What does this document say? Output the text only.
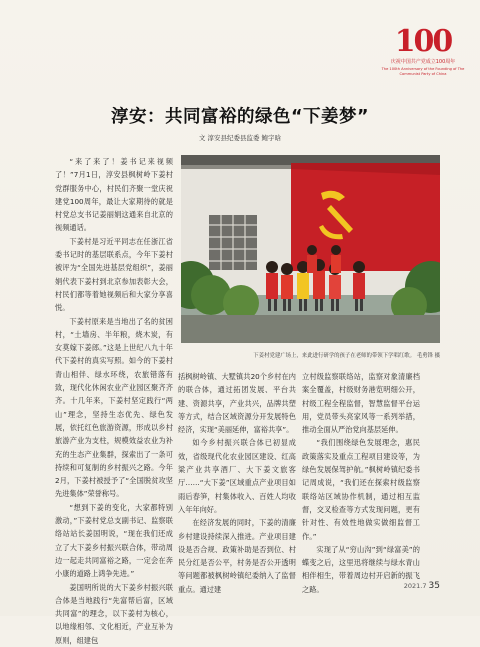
100
庆祝中国共产党成立100周年
The 100th Anniversary of the Founding of The Communist Party of China
淳安：共同富裕的绿色“下姜梦”
文 淳安县纪委县监委 鲍宇晗

“来了来了！姜书记来视频了！”7月1日，淳安县枫树岭下姜村党群服务中心，村民们齐聚一堂庆祝建党100周年，最让大家期待的就是村党总支书记姜丽娟这通来自北京的视频通话。

下姜村是习近平同志在任浙江省委书记时的基层联系点，今年下姜村被评为“全国先进基层党组织”，姜丽娟代表下姜村到北京参加表彰大会，村民们都等着她视频后和大家分享喜悦。

下姜村原来是当地出了名的贫困村，“土墙房、半年粮，烧木炭，有女莫嫁下姜郎。”这是上世纪八九十年代下姜村的真实写照。如今的下姜村青山相伴、绿水环绕，农旅错落有致，现代化休闲农业产业园区聚齐齐齐。十几年来，下姜村坚定践行“两山”理念，坚持生态优先、绿色发展，依托红色旅游资源，形成以乡村旅游产业为支柱，规模效益农业为补充的生态产业集群，探索出了一条可持续和可复制的乡村振兴之路。今年2月，下姜村被授予了“全国脱贫攻坚先进集体”荣誉称号。

“想到下姜的变化，大家都特别激动，”下姜村党总支副书记、监察联络站站长姜国明说，“现在我们还成立了大下姜乡村振兴联合体，带动周边一起走共同富裕之路，一定会在奔小康的道路上鸿争先进。”

姜国明所说的大下姜乡村振兴联合体是当地践行“先富帮后富，区域共同富”的理念，以下姜村为核心，以地缘相邻、文化相近，产业互补为原则，组建包

下姜村党建广场上，来此进行研学的孩子在老师的带领下学唱红歌。 毛勇锋 摄

括枫树岭镇、大墅镇共20个乡村在内的联合体，通过拓团发展、平台共建、资源共享，产业共兴，品牌共塑等方式，结合区域资源分开发展特色经济，实现“美丽延伸，富裕共享”。

如今乡村振兴联合体已初显成效，省级现代化农业园区建设、红高粱产业共享酒厂、大下姜文旅客厅……“大下姜”区域重点产业项目如雨后春笋，村集体收入、百姓人均收入年年向好。

在经济发展的同时，下姜的清廉乡村建设持续深入推进。产业项目建设是否合规、政策补助是否到位、村民分红是否公平，村务是否公开透明等问题都被枫树岭镇纪委纳入了监督重点。通过建

立村级监察联络站，监察对象清廉档案全覆盖，村级财务港览明细公开，村级工程全程监督，智慧监督平台运用，党员带头亮家风等一系列举措，推动全面从严治党向基层延伸。

“我们围绕绿色发展理念，惠民政策落实及重点工程项目建设等，为绿色发展保驾护航。”枫树岭镇纪委书记周成说，“我们还在探索村级监察联络站区域协作机制，通过相互监督，交叉检查等方式发现问题，更有针对性、有效性地做实做细监督工作。”

实现了从“穷山沟”到“绿富美”的蝶变之后，这里迅将继续与绿水青山相伴相生，带着周边村开启新的振飞之路。	2021.7 35
